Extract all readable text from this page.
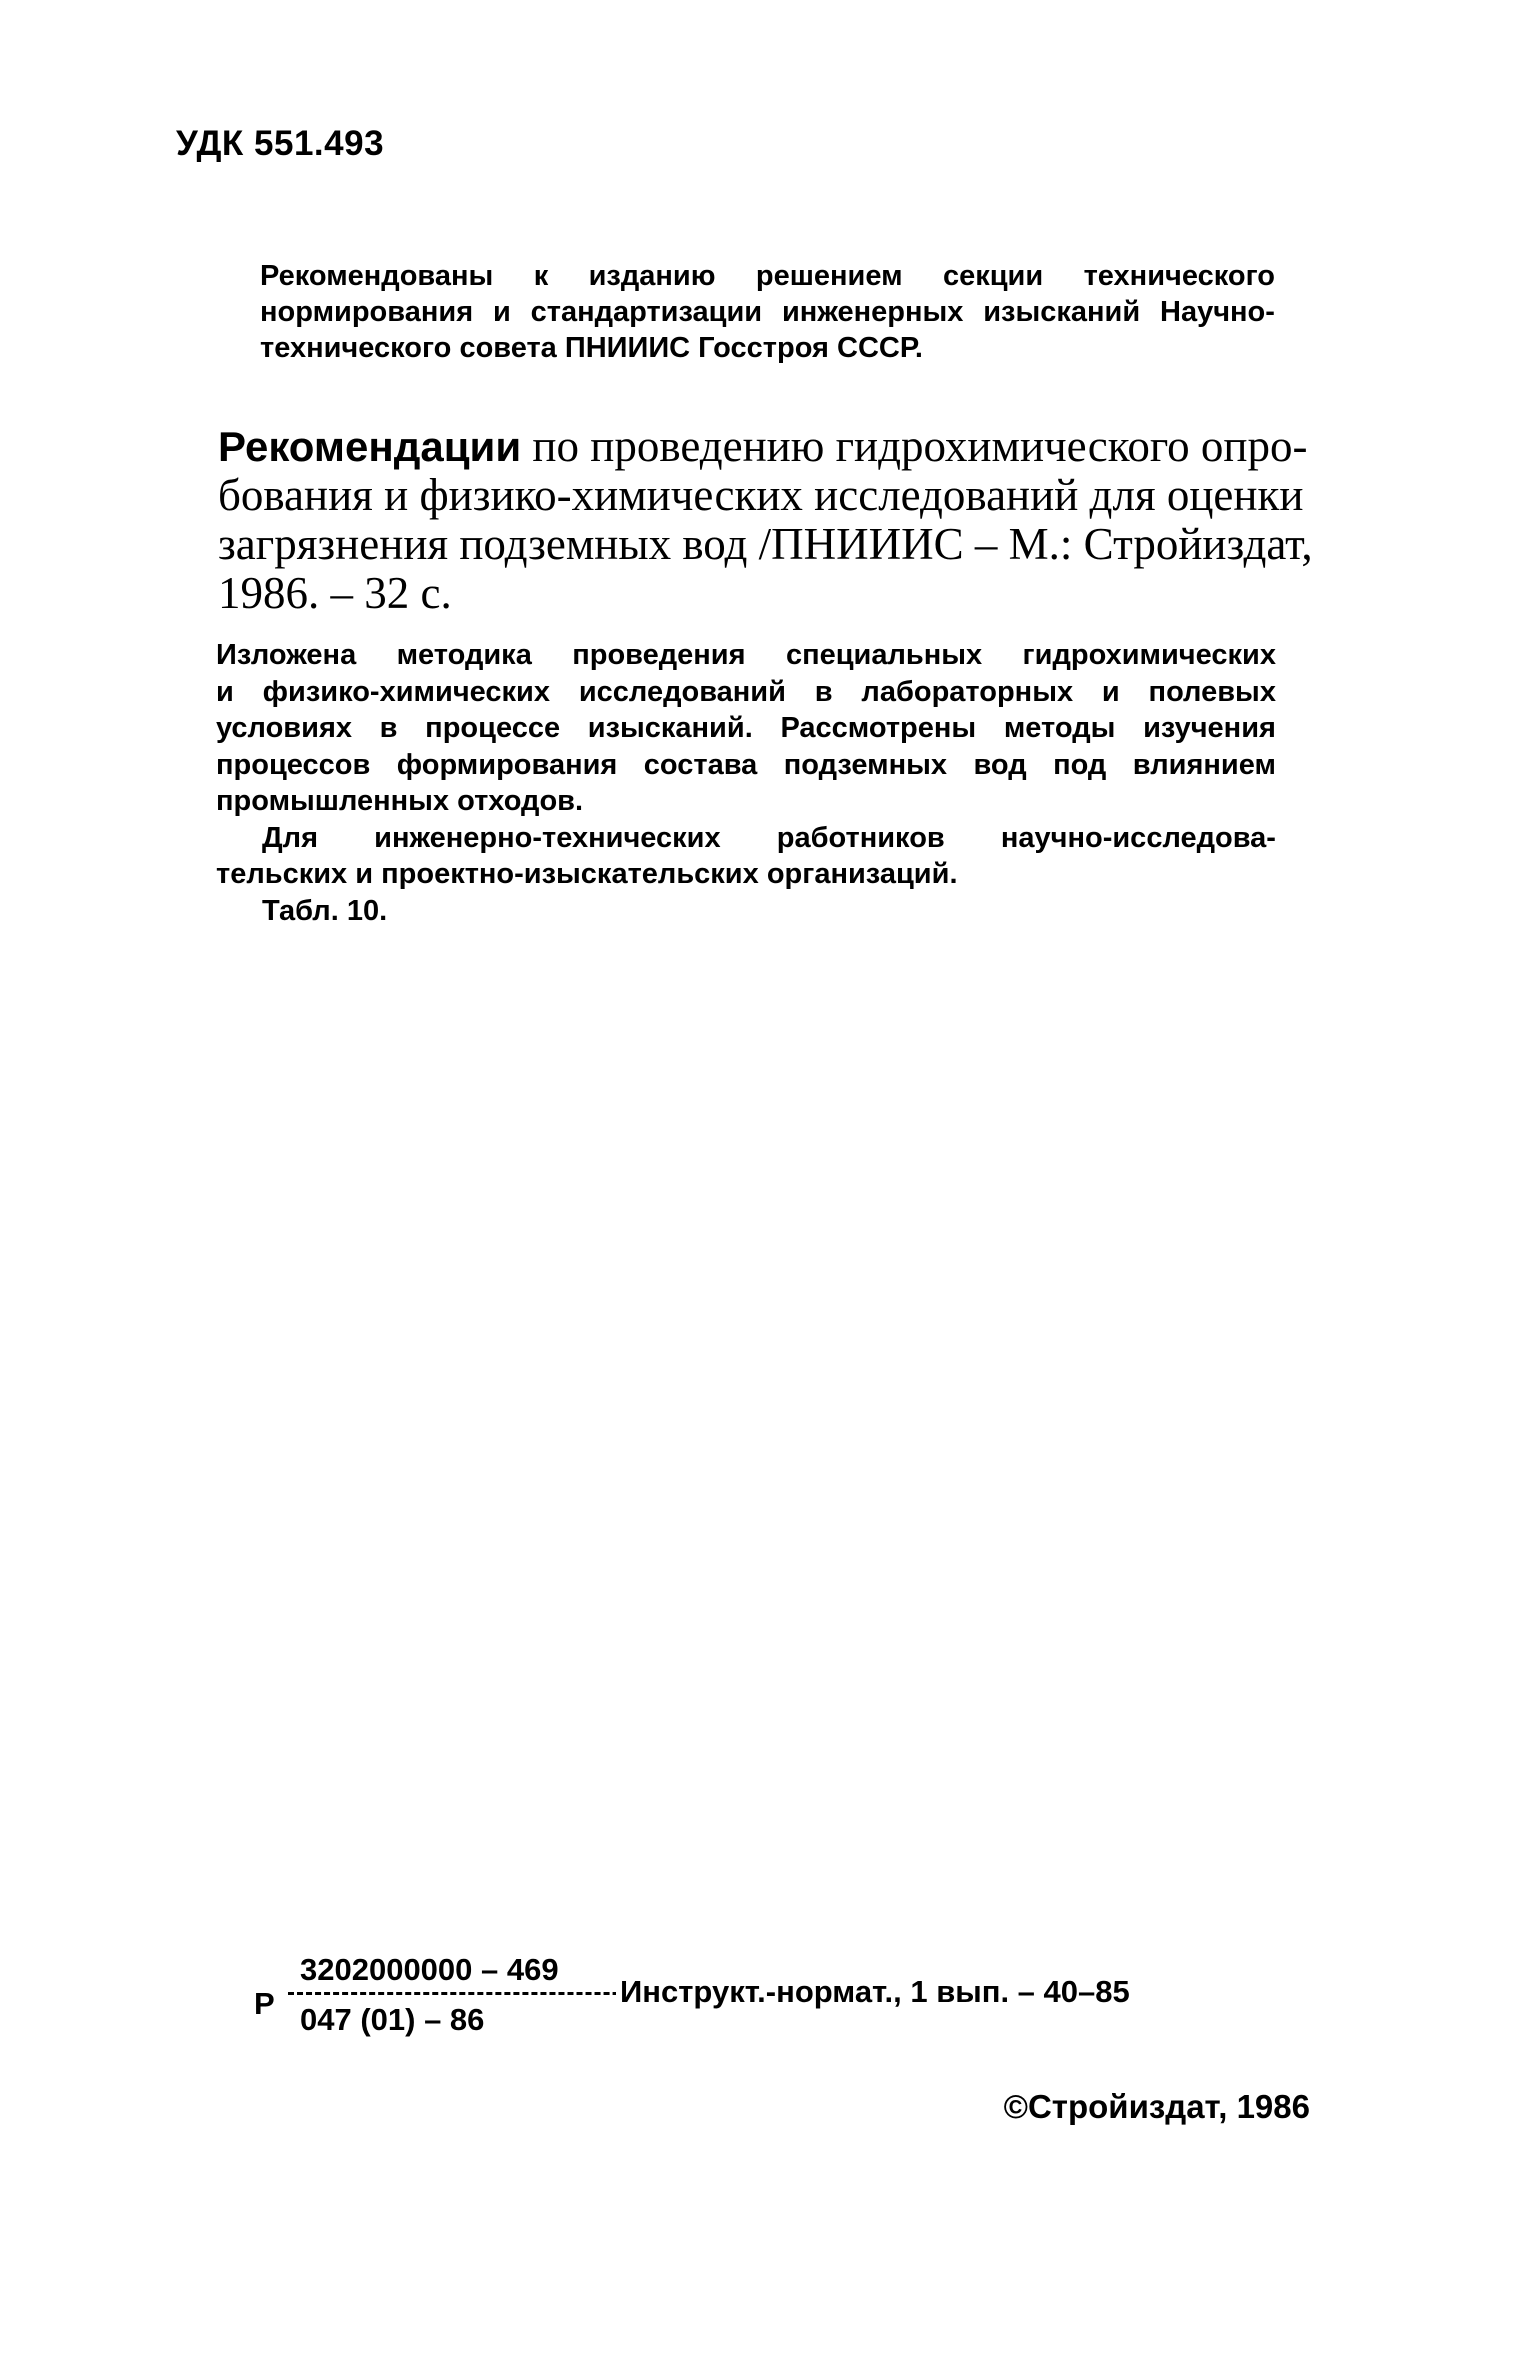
УДК 551.493
Рекомендованы к изданию решением секции технического
нормирования и стандартизации инженерных изысканий Научно-
технического совета ПНИИИС Госстроя СССР.
Рекомендации по проведению гидрохимического опро-
бования и физико-химических исследований для оценки
загрязнения подземных вод /ПНИИИС – М.: Стройиздат,
1986. – 32 с.
Изложена методика проведения специальных гидрохимических
и физико-химических исследований в лабораторных и полевых
условиях в процессе изысканий. Рассмотрены методы изучения
процессов формирования состава подземных вод под влиянием
промышленных отходов.
Для инженерно-технических работников научно-исследова-
тельских и проектно-изыскательских организаций.
Табл. 10.
Р
3202000000 – 469
047 (01) – 86
Инструкт.-нормат., 1 вып. – 40–85
©Стройиздат, 1986
